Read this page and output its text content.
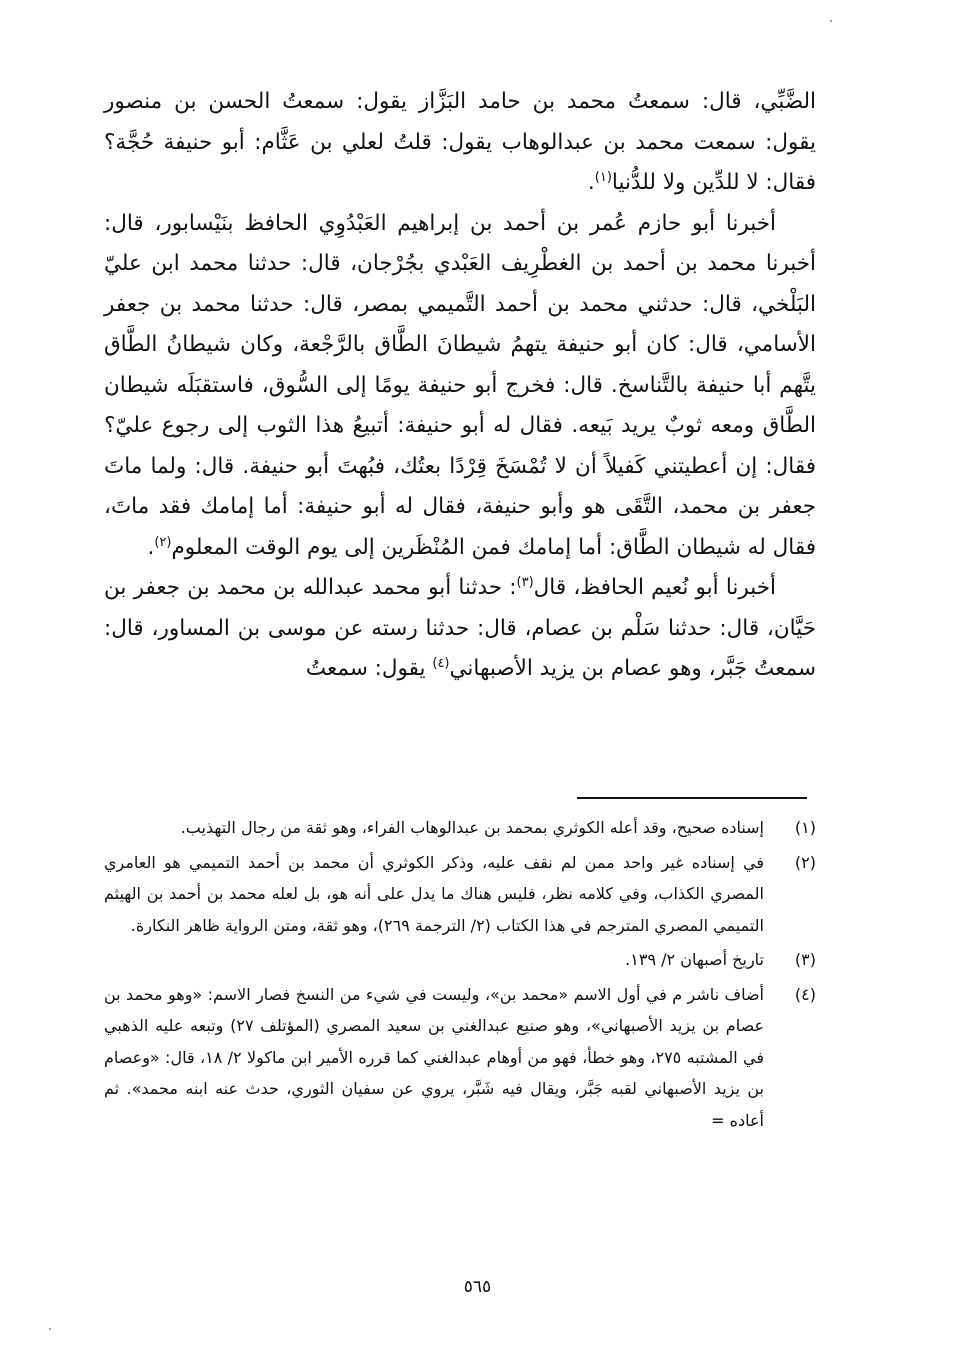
الضَّبِّي، قال: سمعتُ محمد بن حامد البَزَّاز يقول: سمعتُ الحسن بن منصور يقول: سمعت محمد بن عبدالوهاب يقول: قلتُ لعلي بن عَثَّام: أبو حنيفة حُجَّة؟ فقال: لا للدِّين ولا للدُّنيا$^{(١)}$.

أخبرنا أبو حازم عُمر بن أحمد بن إبراهيم العَبْدُوِي الحافظ بنَيْسابور، قال: أخبرنا محمد بن أحمد بن الغطْرِيف العَبْدي بجُرْجان، قال: حدثنا محمد ابن عليّ البَلْخي، قال: حدثني محمد بن أحمد التَّميمي بمصر، قال: حدثنا محمد بن جعفر الأسامي، قال: كان أبو حنيفة يتهمُ شيطانَ الطَّاق بالرَّجْعة، وكان شيطانُ الطَّاق يتَّهم أبا حنيفة بالتَّناسخ. قال: فخرج أبو حنيفة يومًا إلى السُّوق، فاستقبَلَه شيطان الطَّاق ومعه ثوبٌ يريد بَيعه. فقال له أبو حنيفة: أتبيعُ هذا الثوب إلى رجوع عليّ؟ فقال: إن أعطيتني كَفيلاً أن لا تُمْسَخَ قِرْدًا بعتُك، فبُهتَ أبو حنيفة. قال: ولما ماتَ جعفر بن محمد، التَّقَى هو وأبو حنيفة، فقال له أبو حنيفة: أما إمامك فقد ماتَ، فقال له شيطان الطَّاق: أما إمامك فمن المُنْظَرين إلى يوم الوقت المعلوم$^{(٢)}$.

أخبرنا أبو نُعيم الحافظ، قال$^{(٣)}$: حدثنا أبو محمد عبدالله بن محمد بن جعفر بن حَيَّان، قال: حدثنا سَلْم بن عصام، قال: حدثنا رسته عن موسى بن المساور، قال: سمعتُ جَبَّر، وهو عصام بن يزيد الأصبهاني$^{(٤)}$ يقول: سمعتُ

(١)
إسناده صحيح، وقد أعله الكوثري بمحمد بن عبدالوهاب الفراء، وهو ثقة من رجال التهذيب.
(٢)
في إسناده غير واحد ممن لم نقف عليه، وذكر الكوثري أن محمد بن أحمد التميمي هو العامري المصري الكذاب، وفي كلامه نظر، فليس هناك ما يدل على أنه هو، بل لعله محمد بن أحمد بن الهيثم التميمي المصري المترجم في هذا الكتاب (٢/ الترجمة ٢٦٩)، وهو ثقة، ومتن الرواية ظاهر النكارة.
(٣)
تاريخ أصبهان ٢/ ١٣٩.
(٤)
أضاف ناشر م في أول الاسم «محمد بن»، وليست في شيء من النسخ فصار الاسم: «وهو محمد بن عصام بن يزيد الأصبهاني»، وهو صنيع عبدالغني بن سعيد المصري (المؤتلف ٢٧) وتبعه عليه الذهبي في المشتبه ٢٧٥، وهو خطأ، فهو من أوهام عبدالغني كما قرره الأمير ابن ماكولا ٢/ ١٨، قال: «وعصام بن يزيد الأصبهاني لقبه جَبَّر، ويقال فيه شَبَّر، يروي عن سفيان الثوري، حدث عنه ابنه محمد». ثم أعاده =
٥٦٥
